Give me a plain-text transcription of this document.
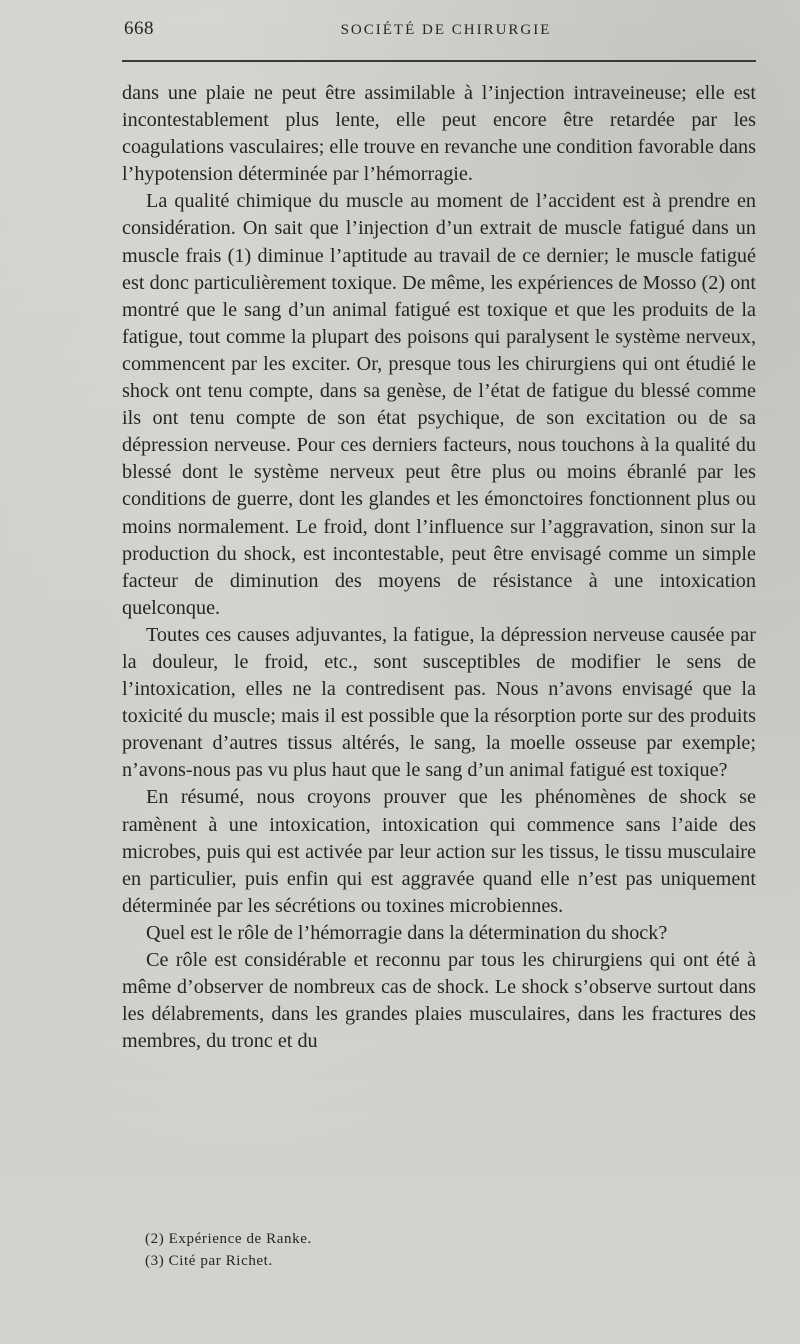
668	SOCIÉTÉ DE CHIRURGIE

dans une plaie ne peut être assimilable à l’injection intraveineuse; elle est incontestablement plus lente, elle peut encore être retardée par les coagulations vasculaires; elle trouve en revanche une condition favorable dans l’hypotension déterminée par l’hémorragie.

La qualité chimique du muscle au moment de l’accident est à prendre en considération. On sait que l’injection d’un extrait de muscle fatigué dans un muscle frais (1) diminue l’aptitude au travail de ce dernier; le muscle fatigué est donc particulièrement toxique. De même, les expériences de Mosso (2) ont montré que le sang d’un animal fatigué est toxique et que les produits de la fatigue, tout comme la plupart des poisons qui paralysent le système nerveux, commencent par les exciter. Or, presque tous les chirurgiens qui ont étudié le shock ont tenu compte, dans sa genèse, de l’état de fatigue du blessé comme ils ont tenu compte de son état psychique, de son excitation ou de sa dépression nerveuse. Pour ces derniers facteurs, nous touchons à la qualité du blessé dont le système nerveux peut être plus ou moins ébranlé par les conditions de guerre, dont les glandes et les émonctoires fonctionnent plus ou moins normalement. Le froid, dont l’influence sur l’aggravation, sinon sur la production du shock, est incontestable, peut être envisagé comme un simple facteur de diminution des moyens de résistance à une intoxication quelconque.

Toutes ces causes adjuvantes, la fatigue, la dépression nerveuse causée par la douleur, le froid, etc., sont susceptibles de modifier le sens de l’intoxication, elles ne la contredisent pas. Nous n’avons envisagé que la toxicité du muscle; mais il est possible que la résorption porte sur des produits provenant d’autres tissus altérés, le sang, la moelle osseuse par exemple; n’avons-nous pas vu plus haut que le sang d’un animal fatigué est toxique?

En résumé, nous croyons prouver que les phénomènes de shock se ramènent à une intoxication, intoxication qui commence sans l’aide des microbes, puis qui est activée par leur action sur les tissus, le tissu musculaire en particulier, puis enfin qui est aggravée quand elle n’est pas uniquement déterminée par les sécrétions ou toxines microbiennes.

Quel est le rôle de l’hémorragie dans la détermination du shock?

Ce rôle est considérable et reconnu par tous les chirurgiens qui ont été à même d’observer de nombreux cas de shock. Le shock s’observe surtout dans les délabrements, dans les grandes plaies musculaires, dans les fractures des membres, du tronc et du

(2) Expérience de Ranke.
(3) Cité par Richet.
